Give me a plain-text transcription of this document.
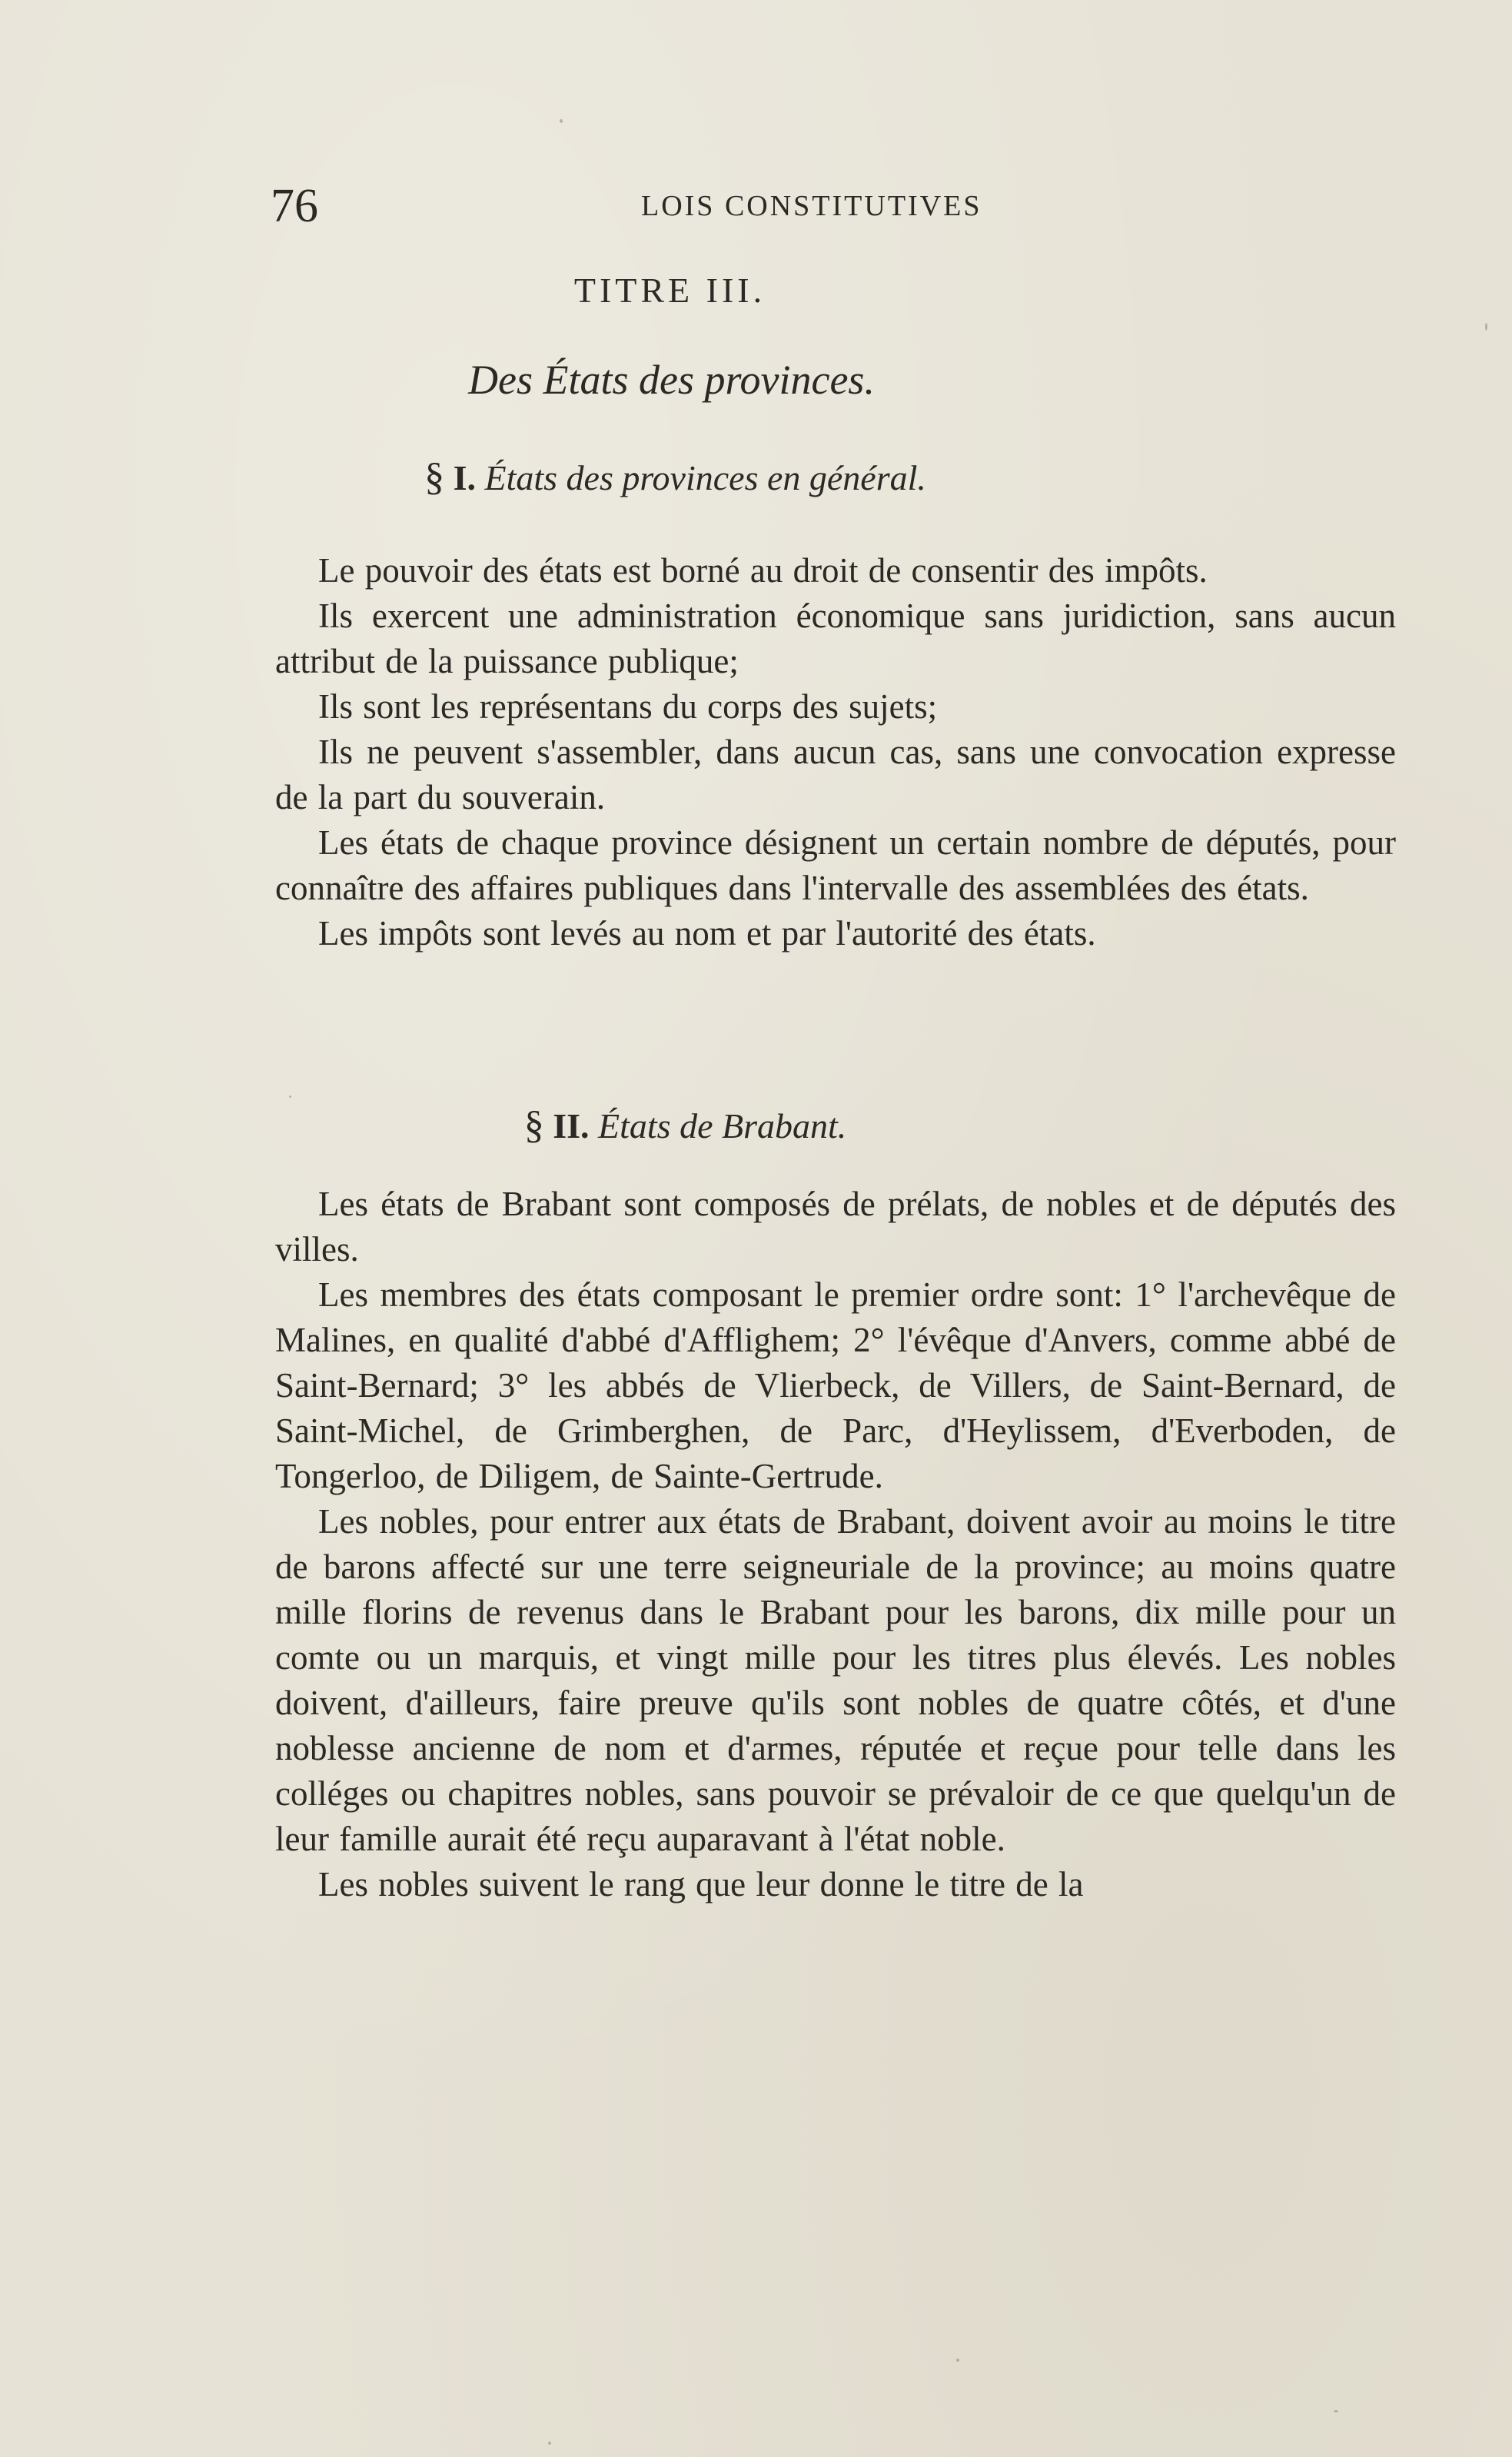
76	LOIS CONSTITUTIVES
TITRE III.
Des États des provinces.
§ I. États des provinces en général.

Le pouvoir des états est borné au droit de consentir des impôts.

Ils exercent une administration économique sans juridiction, sans aucun attribut de la puissance publique;

Ils sont les représentans du corps des sujets;

Ils ne peuvent s'assembler, dans aucun cas, sans une convocation expresse de la part du souverain.

Les états de chaque province désignent un certain nombre de députés, pour connaître des affaires publiques dans l'intervalle des assemblées des états.

Les impôts sont levés au nom et par l'autorité des états.

§ II. États de Brabant.

Les états de Brabant sont composés de prélats, de nobles et de députés des villes.

Les membres des états composant le premier ordre sont: 1° l'archevêque de Malines, en qualité d'abbé d'Afflighem; 2° l'évêque d'Anvers, comme abbé de Saint-Bernard; 3° les abbés de Vlierbeck, de Villers, de Saint-Bernard, de Saint-Michel, de Grimberghen, de Parc, d'Heylissem, d'Everboden, de Tongerloo, de Diligem, de Sainte-Gertrude.

Les nobles, pour entrer aux états de Brabant, doivent avoir au moins le titre de barons affecté sur une terre seigneuriale de la province; au moins quatre mille florins de revenus dans le Brabant pour les barons, dix mille pour un comte ou un marquis, et vingt mille pour les titres plus élevés. Les nobles doivent, d'ailleurs, faire preuve qu'ils sont nobles de quatre côtés, et d'une noblesse ancienne de nom et d'armes, réputée et reçue pour telle dans les colléges ou chapitres nobles, sans pouvoir se prévaloir de ce que quelqu'un de leur famille aurait été reçu auparavant à l'état noble.

Les nobles suivent le rang que leur donne le titre de la
